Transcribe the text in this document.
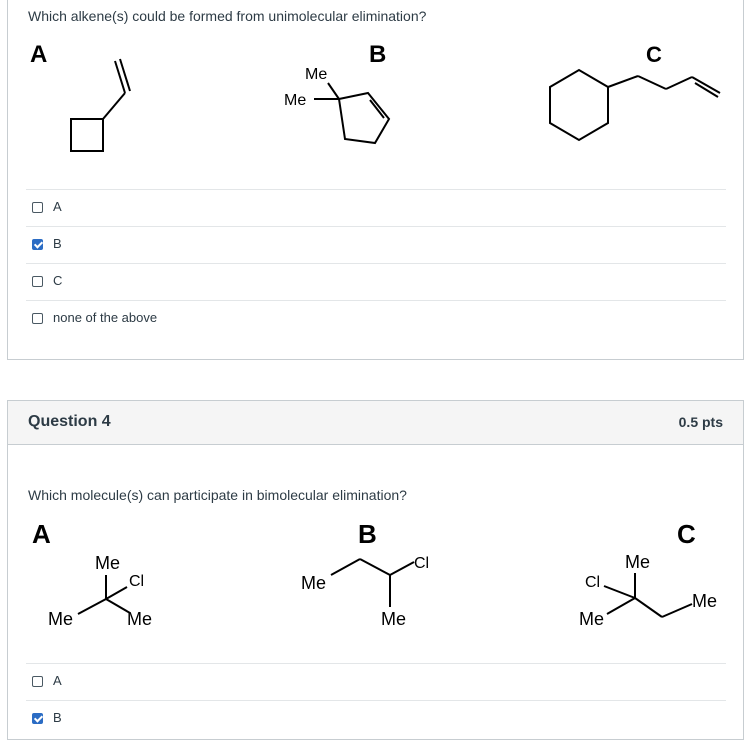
Which alkene(s) could be formed from unimolecular elimination?
A	B	C
Me
Me
A
B
C
none of the above
Question 4	0.5 pts
Which molecule(s) can participate in bimolecular elimination?
A	B	C
Me
Cl
Me	Me
Me
Cl
Me
Me
Cl
Me
Me
A
B
